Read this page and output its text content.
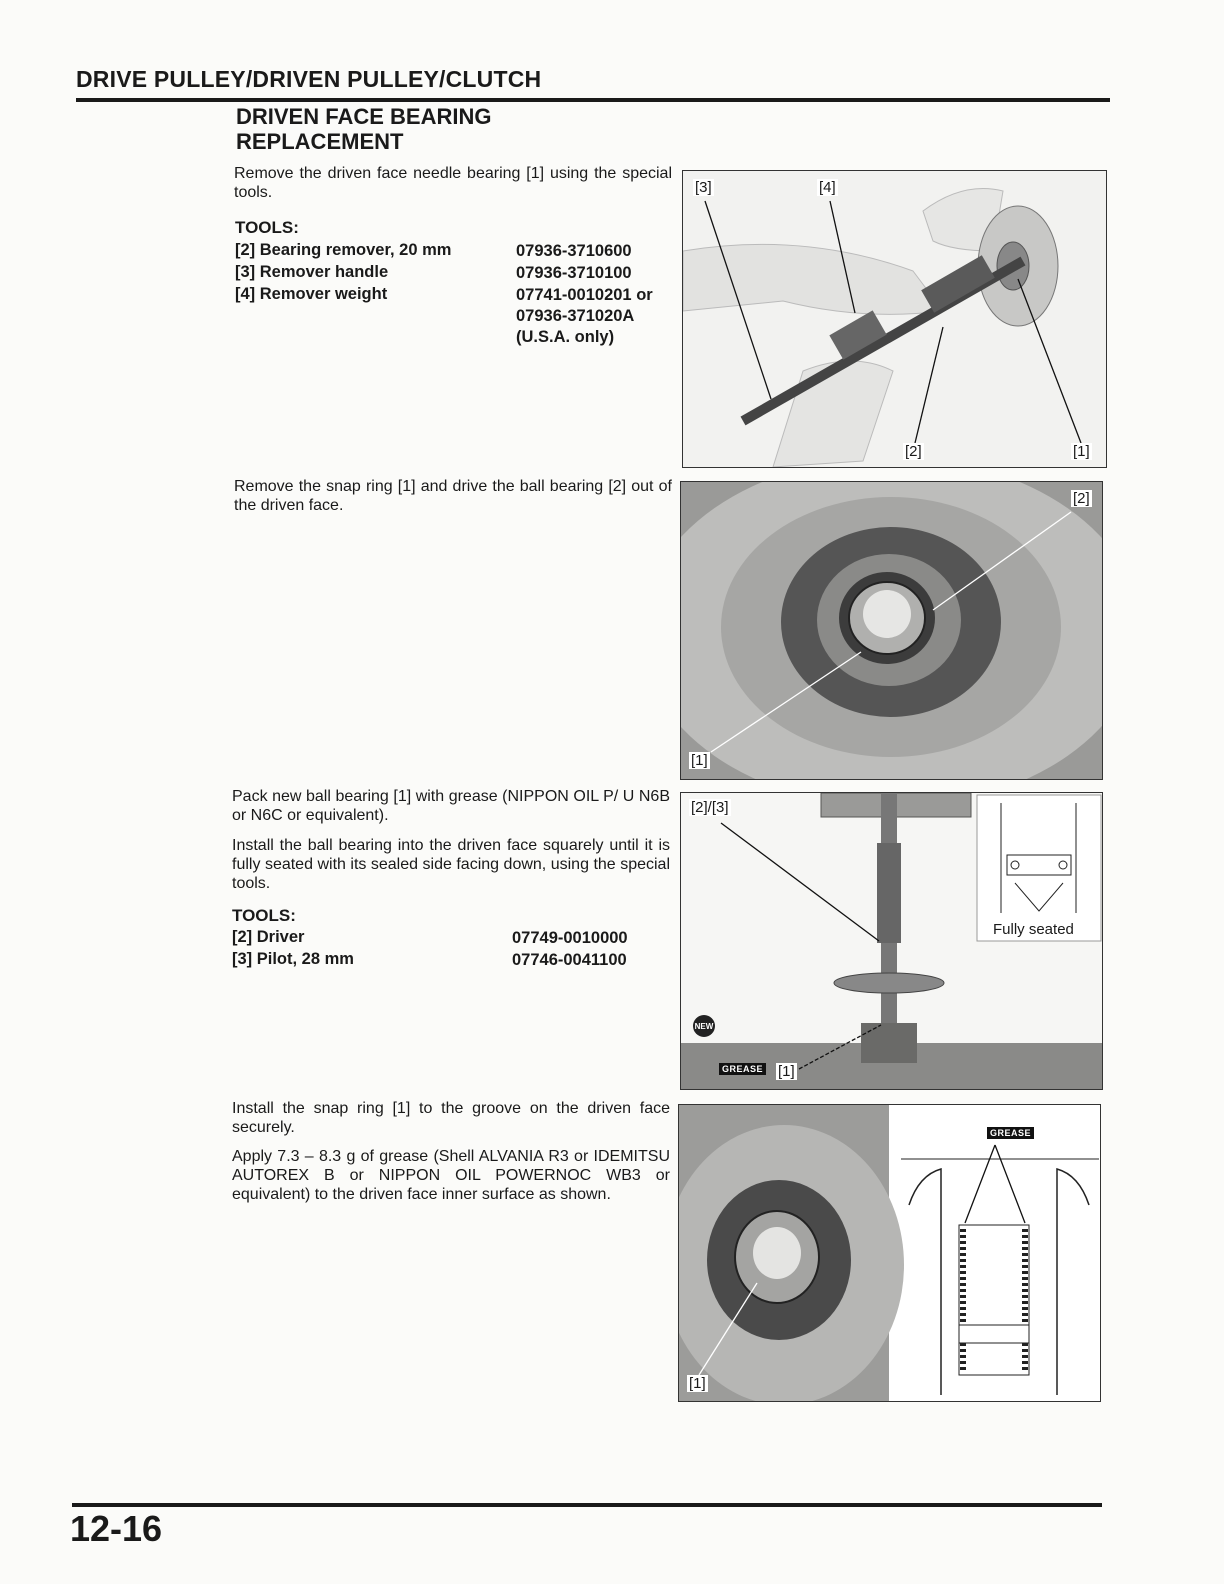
DRIVE PULLEY/DRIVEN PULLEY/CLUTCH
DRIVEN FACE BEARING
REPLACEMENT
Remove the driven face needle bearing [1] using the special tools.
TOOLS:
[2] Bearing remover, 20 mm	07936-3710600
[3] Remover handle	07936-3710100
[4] Remover weight	07741-0010201 or
07936-371020A
(U.S.A. only)
[3]	[4]
[2]	[1]
Remove the snap ring [1] and drive the ball bearing [2] out of the driven face.	[2]
[1]
Pack new ball bearing [1] with grease (NIPPON OIL P/ U N6B or N6C or equivalent).
Install the ball bearing into the driven face squarely until it is fully seated with its sealed side facing down, using the special tools.
TOOLS:
[2] Driver	07749-0010000
[3] Pilot, 28 mm	07746-0041100
[2]/[3]
Fully seated
NEW
GREASE [1]
Install the snap ring [1] to the groove on the driven face securely.
Apply 7.3 – 8.3 g of grease (Shell ALVANIA R3 or IDEMITSU AUTOREX B or NIPPON OIL POWERNOC WB3 or equivalent) to the driven face inner surface as shown.
GREASE
[1]
12-16
